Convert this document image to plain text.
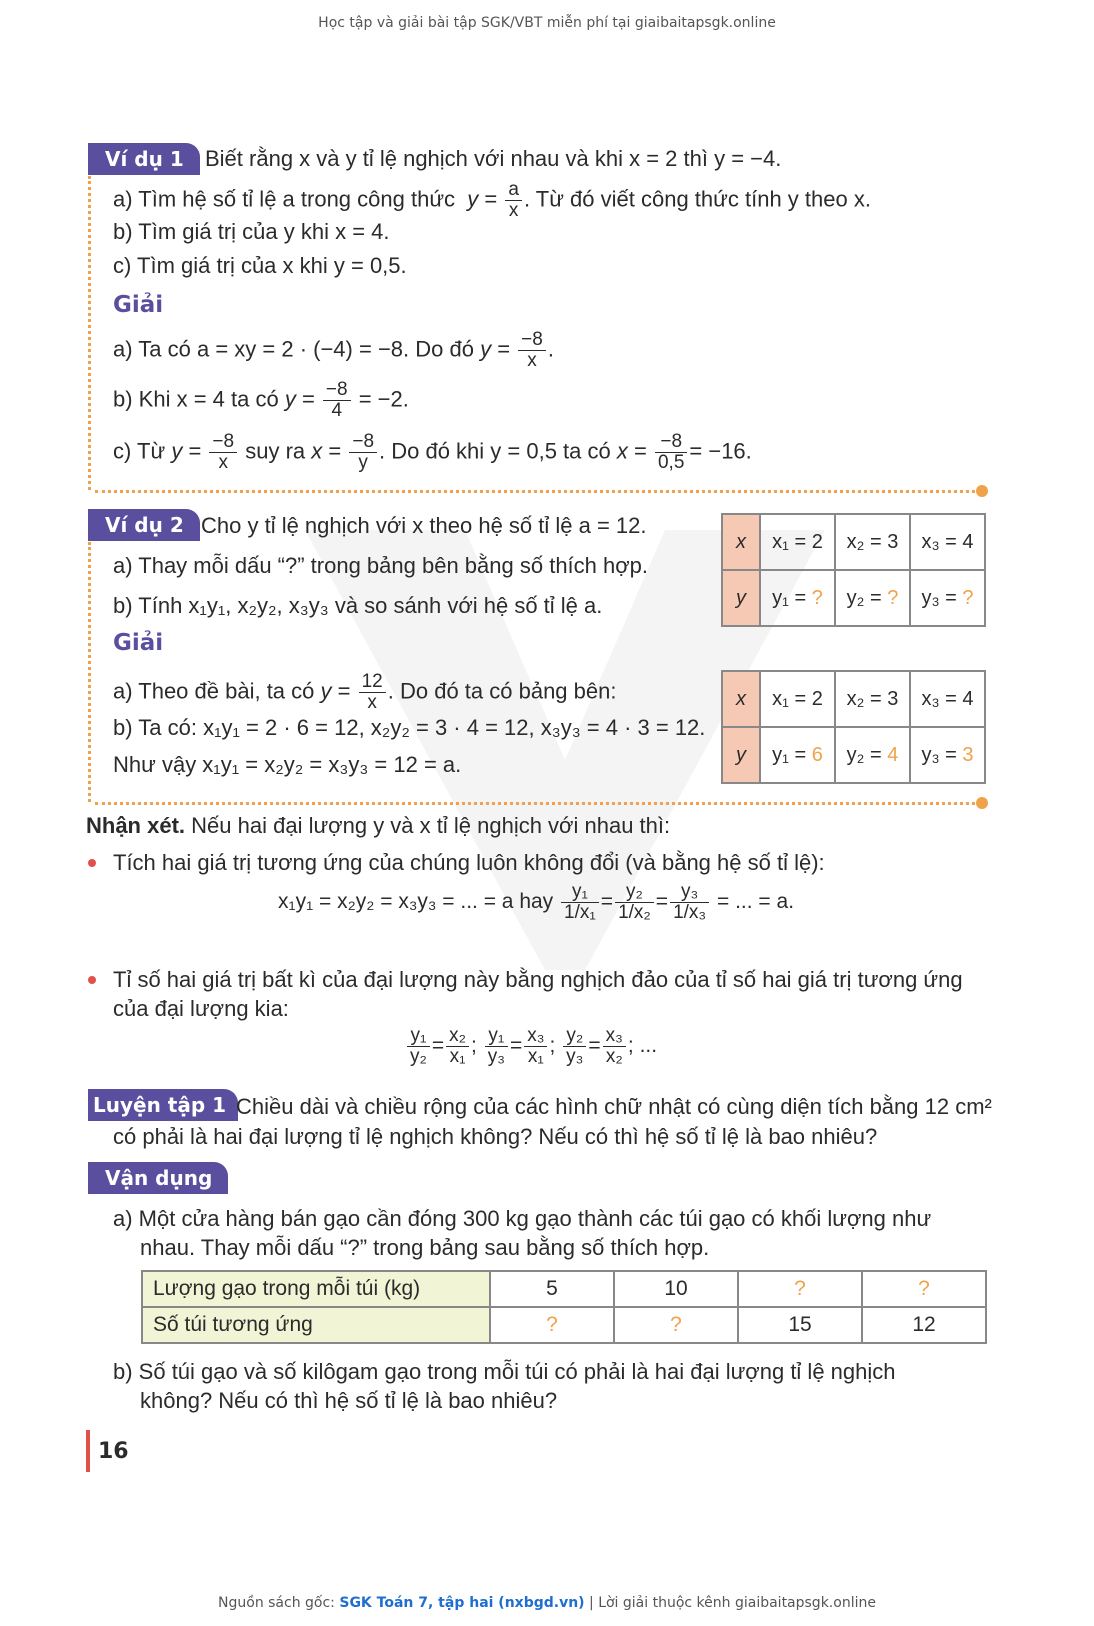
Học tập và giải bài tập SGK/VBT miễn phí tại giaibaitapsgk.online
Ví dụ 1 Biết rằng x và y tỉ lệ nghịch với nhau và khi x = 2 thì y = −4.
a) Tìm hệ số tỉ lệ a trong công thức  $y = \frac{a}{x}$ . Từ đó viết công thức tính y theo x.
b) Tìm giá trị của y khi x = 4.
c) Tìm giá trị của x khi y = 0,5.
Giải
a) Ta có a = xy = 2 · (−4) = −8. Do đó $y = \frac{-8}{x}$ .
b) Khi x = 4 ta có $y = \frac{-8}{4} = -2$.
c) Từ $y = \frac{-8}{x}$ suy ra $x = \frac{-8}{y}$ . Do đó khi y = 0,5 ta có $x = \frac{-8}{0,5} = -16$.
Ví dụ 2 Cho y tỉ lệ nghịch với x theo hệ số tỉ lệ a = 12.
a) Thay mỗi dấu “?” trong bảng bên bằng số thích hợp.
b) Tính x₁y₁, x₂y₂, x₃y₃ và so sánh với hệ số tỉ lệ a.
Giải
a) Theo đề bài, ta có $y = \frac{12}{x}$ . Do đó ta có bảng bên:
b) Ta có: x₁y₁ = 2 · 6 = 12, x₂y₂ = 3 · 4 = 12, x₃y₃ = 4 · 3 = 12.
Như vậy x₁y₁ = x₂y₂ = x₃y₃ = 12 = a.
x	x₁ = 2	x₂ = 3	x₃ = 4
y	y₁ = ?	y₂ = ?	y₃ = ?
x	x₁ = 2	x₂ = 3	x₃ = 4
y	y₁ = 6	y₂ = 4	y₃ = 3
Nhận xét. Nếu hai đại lượng y và x tỉ lệ nghịch với nhau thì:
Tích hai giá trị tương ứng của chúng luôn không đổi (và bằng hệ số tỉ lệ):
x₁y₁ = x₂y₂ = x₃y₃ = ... = a hay $\frac{\text{y₁}}{\text{1/x₁}} = \frac{\text{y₂}}{\text{1/x₂}} = \frac{\text{y₃}}{\text{1/x₃}}$ = ... = a.
Tỉ số hai giá trị bất kì của đại lượng này bằng nghịch đảo của tỉ số hai giá trị tương ứng
của đại lượng kia:
$\frac{\text{y₁}}{\text{y₂}} = \frac{\text{x₂}}{\text{x₁}}$ ; $\frac{\text{y₁}}{\text{y₃}} = \frac{\text{x₃}}{\text{x₁}}$ ; $\frac{\text{y₂}}{\text{y₃}} = \frac{\text{x₃}}{\text{x₂}}$ ; ...
Luyện tập 1 Chiều dài và chiều rộng của các hình chữ nhật có cùng diện tích bằng 12 cm²
có phải là hai đại lượng tỉ lệ nghịch không? Nếu có thì hệ số tỉ lệ là bao nhiêu?
Vận dụng
a) Một cửa hàng bán gạo cần đóng 300 kg gạo thành các túi gạo có khối lượng như
nhau. Thay mỗi dấu “?” trong bảng sau bằng số thích hợp.
Lượng gạo trong mỗi túi (kg)	5	10	?	?
Số túi tương ứng	?	?	15	12
b) Số túi gạo và số kilôgam gạo trong mỗi túi có phải là hai đại lượng tỉ lệ nghịch
không? Nếu có thì hệ số tỉ lệ là bao nhiêu?
16
Nguồn sách gốc: SGK Toán 7, tập hai (nxbgd.vn) | Lời giải thuộc kênh giaibaitapsgk.online
